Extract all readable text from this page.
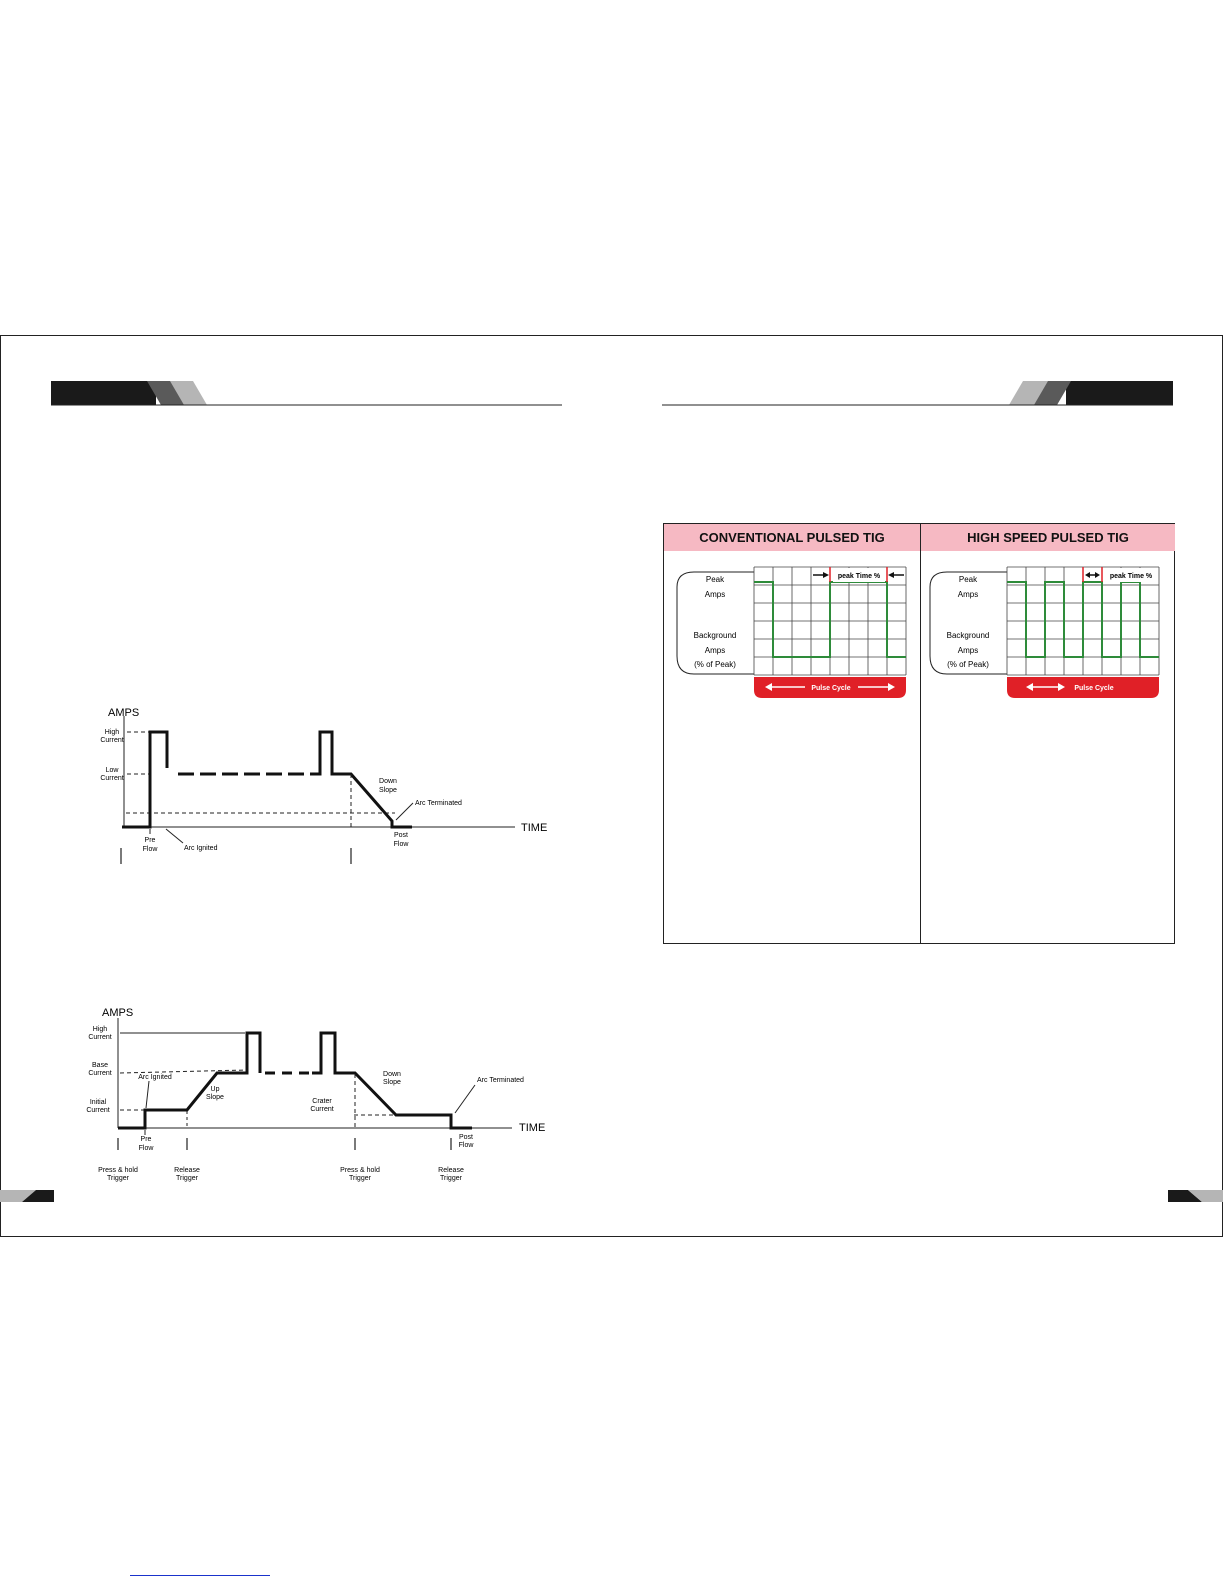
AMPS
High
Current
Low
Current
Pre
Flow	Arc Ignited
Down
Slope
Arc Terminated
Post
Flow
TIME
AMPS
High
Current
Base
Current
Initial
Current
Arc Ignited
Up
Slope
Crater
Current
Down
Slope	Arc Terminated
TIME
Pre
Flow
Post
Flow
Press & hold
Trigger
Release
Trigger
Press & hold
Trigger
Release
Trigger
CONVENTIONAL PULSED TIG	HIGH SPEED PULSED TIG
Peak
Amps
Background
Amps
(% of Peak)
peak Time %
Pulse Cycle
Peak
Amps
Background
Amps
(% of Peak)
peak Time %
Pulse Cycle
